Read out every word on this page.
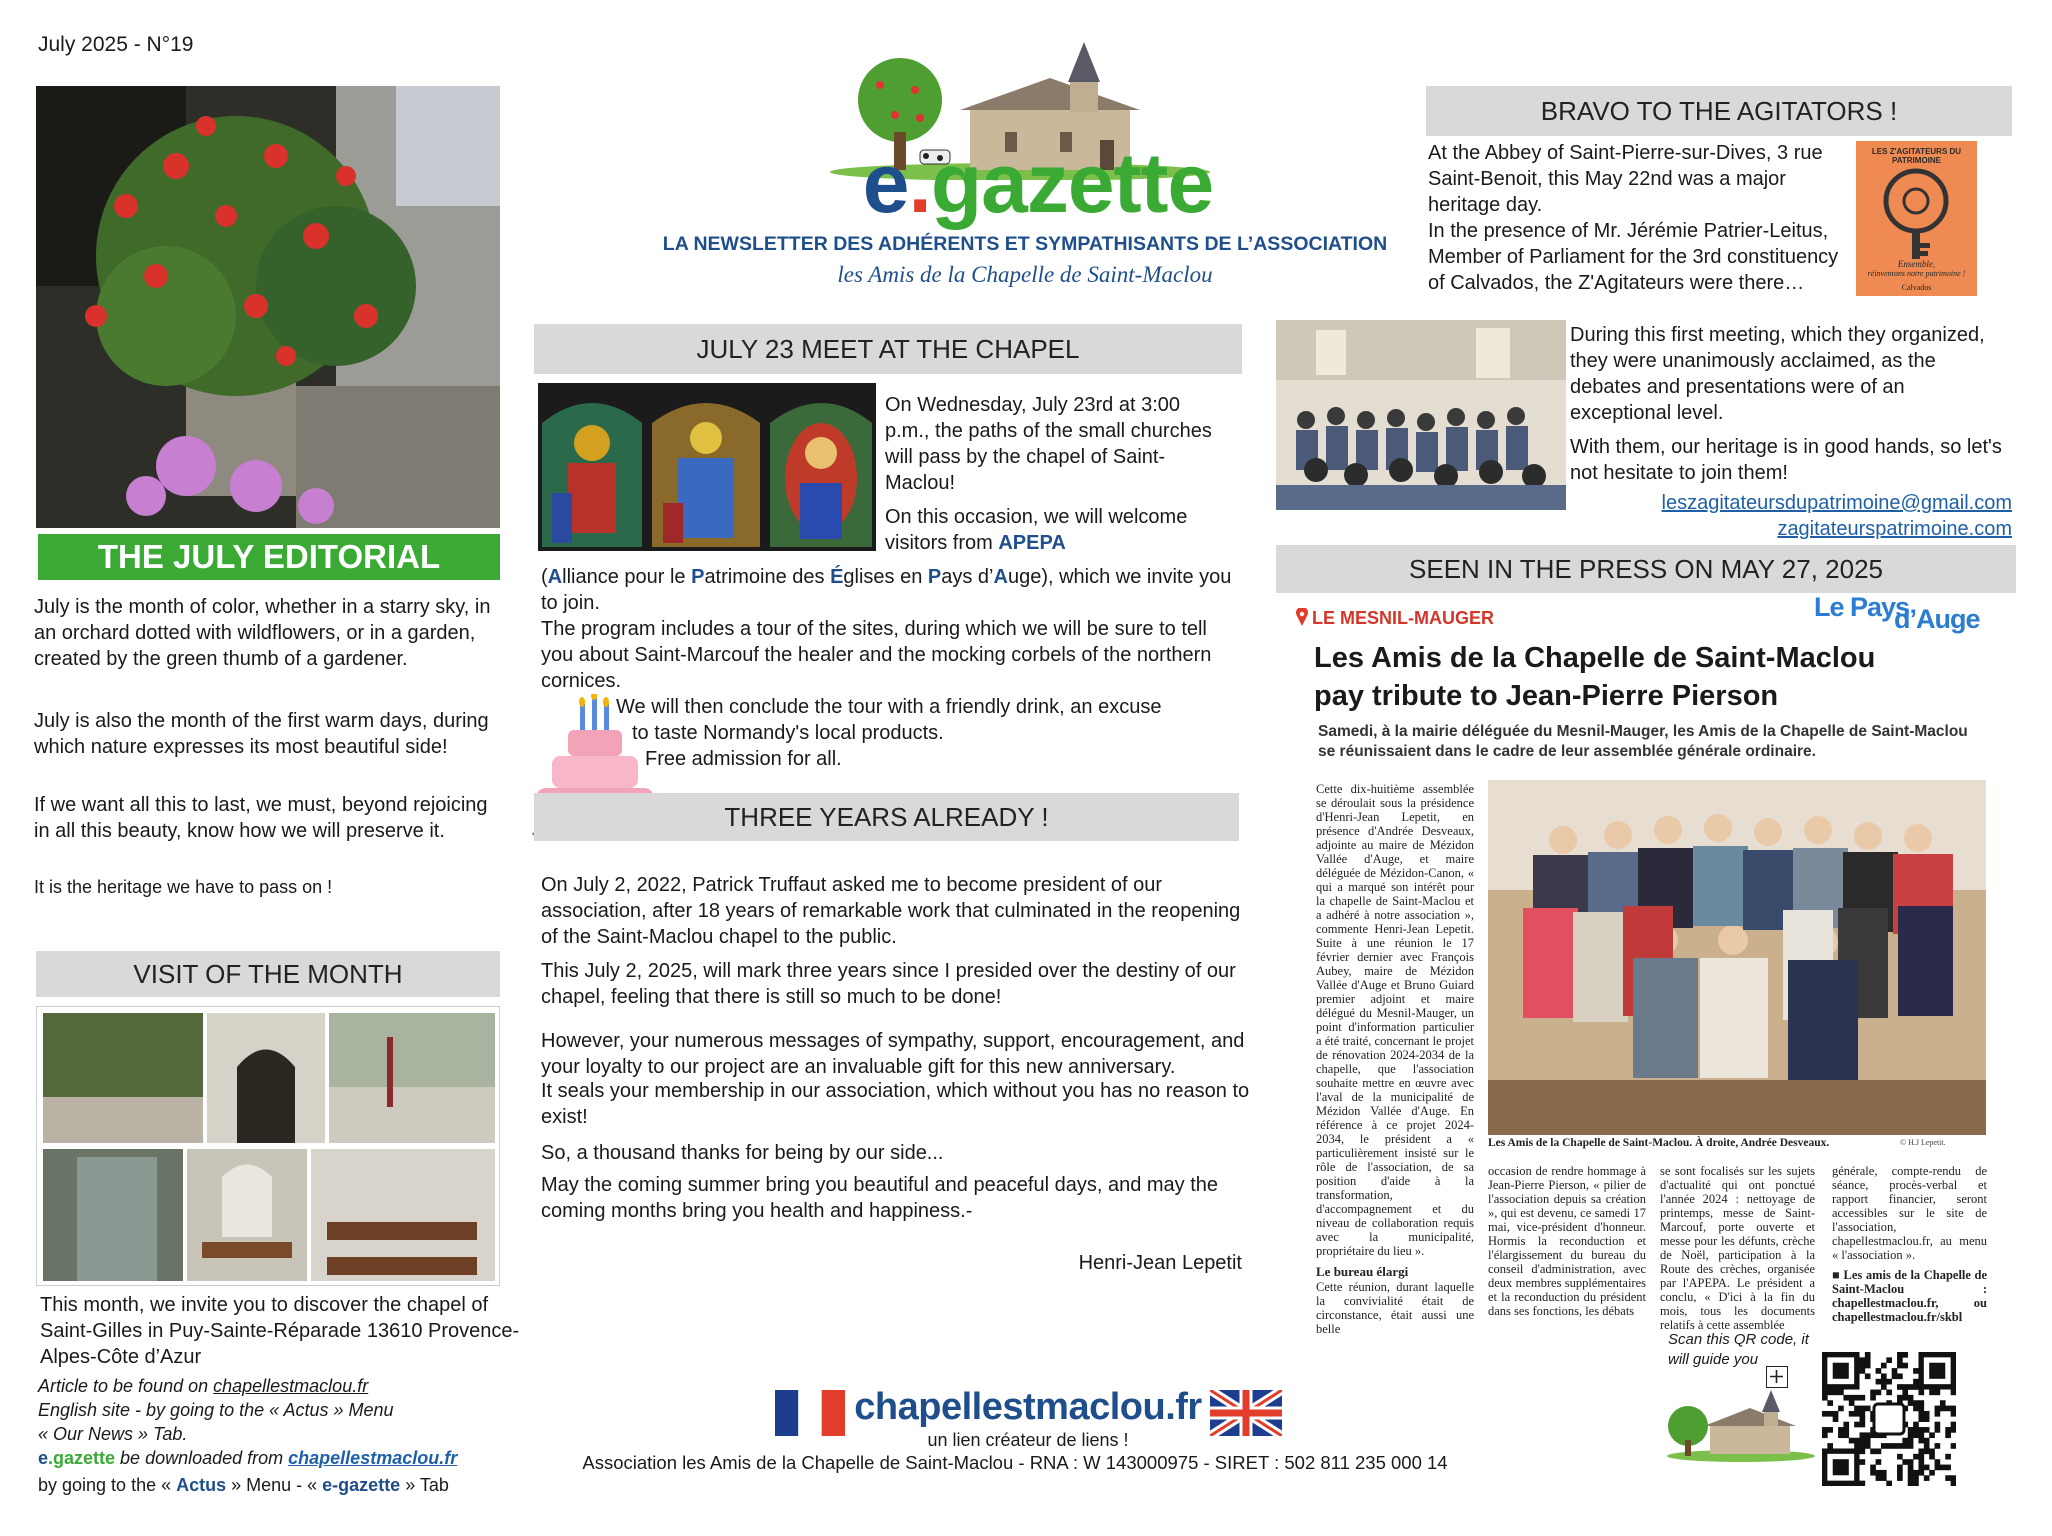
July 2025 - N°19
e.gazette
LA NEWSLETTER DES ADHÉRENTS ET SYMPATHISANTS DE L’ASSOCIATION
les Amis de la Chapelle de Saint-Maclou
THE JULY EDITORIAL
July is the month of color, whether in a starry sky, in an orchard dotted with wildflowers, or in a garden, created by the green thumb of a gardener.
July is also the month of the first warm days, during which nature expresses its most beautiful side!
If we want all this to last, we must, beyond rejoicing in all this beauty, know how we will preserve it.
It is the heritage we have to pass on !
VISIT OF THE MONTH
This month, we invite you to discover the chapel of Saint-Gilles in Puy-Sainte-Réparade 13610 Provence-Alpes-Côte d’Azur
Article to be found on chapellestmaclou.fr
English site - by going to the « Actus » Menu
« Our News » Tab.
e.gazette be downloaded from chapellestmaclou.fr
by going to the « Actus » Menu - « e-gazette » Tab
JULY 23 MEET AT THE CHAPEL
On Wednesday, July 23rd at 3:00 p.m., the paths of the small churches will pass by the chapel of Saint-Maclou!
On this occasion, we will welcome visitors from APEPA
(Alliance pour le Patrimoine des Églises en Pays d’Auge), which we invite you to join.
The program includes a tour of the sites, during which we will be sure to tell you about Saint-Marcouf the healer and the mocking corbels of the northern cornices.
We will then conclude the tour with a friendly drink, an excuse
to taste Normandy's local products.
Free admission for all.
THREE YEARS ALREADY !
On July 2, 2022, Patrick Truffaut asked me to become president of our association, after 18 years of remarkable work that culminated in the reopening of the Saint-Maclou chapel to the public.
This July 2, 2025, will mark three years since I presided over the destiny of our chapel, feeling that there is still so much to be done!
However, your numerous messages of sympathy, support, encouragement, and your loyalty to our project are an invaluable gift for this new anniversary.
It seals your membership in our association, which without you has no reason to exist!
So, a thousand thanks for being by our side...
May the coming summer bring you beautiful and peaceful days, and may the coming months bring you health and happiness.-
Henri-Jean Lepetit
BRAVO TO THE AGITATORS !
At the Abbey of Saint-Pierre-sur-Dives, 3 rue Saint-Benoit, this May 22nd was a major heritage day.
In the presence of Mr. Jérémie Patrier-Leitus, Member of Parliament for the 3rd constituency of Calvados, the Z'Agitateurs were there…
LES Z'AGITATEURS DU PATRIMOINE
Ensemble,
réinventons notre patrimoine !
Calvados
During this first meeting, which they organized, they were unanimously acclaimed, as the debates and presentations were of an exceptional level.
With them, our heritage is in good hands, so let's not hesitate to join them!
leszagitateursdupatrimoine@gmail.com
zagitateurspatrimoine.com
SEEN IN THE PRESS ON MAY 27, 2025
LE MESNIL-MAUGER	Le Pays
d’Auge
Les Amis de la Chapelle de Saint-Maclou
pay tribute to Jean-Pierre Pierson
Samedi, à la mairie déléguée du Mesnil-Mauger, les Amis de la Chapelle de Saint-Maclou se réunissaient dans le cadre de leur assemblée générale ordinaire.
Cette dix-huitième assemblée se déroulait sous la présidence d'Henri-Jean Lepetit, en présence d'Andrée Desveaux, adjointe au maire de Mézidon Vallée d'Auge, et maire déléguée de Mézidon-Canon, « qui a marqué son intérêt pour la chapelle de Saint-Maclou et a adhéré à notre association », commente Henri-Jean Lepetit. Suite à une réunion le 17 février dernier avec François Aubey, maire de Mézidon Vallée d'Auge et Bruno Guiard premier adjoint et maire délégué du Mesnil-Mauger, un point d'information particulier a été traité, concernant le projet de rénovation 2024-2034 de la chapelle, que l'association souhaite mettre en œuvre avec l'aval de la municipalité de Mézidon Vallée d'Auge. En référence à ce projet 2024-2034, le président a « particulièrement insisté sur le rôle de l'association, de sa position d'aide à la transformation, d'accompagnement et du niveau de collaboration requis avec la municipalité, propriétaire du lieu ».
Le bureau élargi
Cette réunion, durant laquelle la convivialité était de circonstance, était aussi une belle
Les Amis de la Chapelle de Saint-Maclou. À droite, Andrée Desveaux.	© H.J Lepetit.
occasion de rendre hommage à Jean-Pierre Pierson, « pilier de l'association depuis sa création », qui est devenu, ce samedi 17 mai, vice-président d'honneur. Hormis la reconduction et l'élargissement du bureau du conseil d'administration, avec deux membres supplémentaires et la reconduction du président dans ses fonctions, les débats
se sont focalisés sur les sujets d'actualité qui ont ponctué l'année 2024 : nettoyage de printemps, messe de Saint-Marcouf, porte ouverte et messe pour les défunts, crèche de Noël, participation à la Route des crèches, organisée par l'APEPA. Le président a conclu, « D'ici à la fin du mois, tous les documents relatifs à cette assemblée
générale, compte-rendu de séance, procès-verbal et rapport financier, seront accessibles sur le site de l'association, chapellestmaclou.fr, au menu « l'association ».
■ Les amis de la Chapelle de Saint-Maclou : chapellestmaclou.fr, ou chapellestmaclou.fr/skbl
Scan this QR code, it will guide you
chapellestmaclou.fr
un lien créateur de liens !
Association les Amis de la Chapelle de Saint-Maclou - RNA : W 143000975 - SIRET : 502 811 235 000 14
